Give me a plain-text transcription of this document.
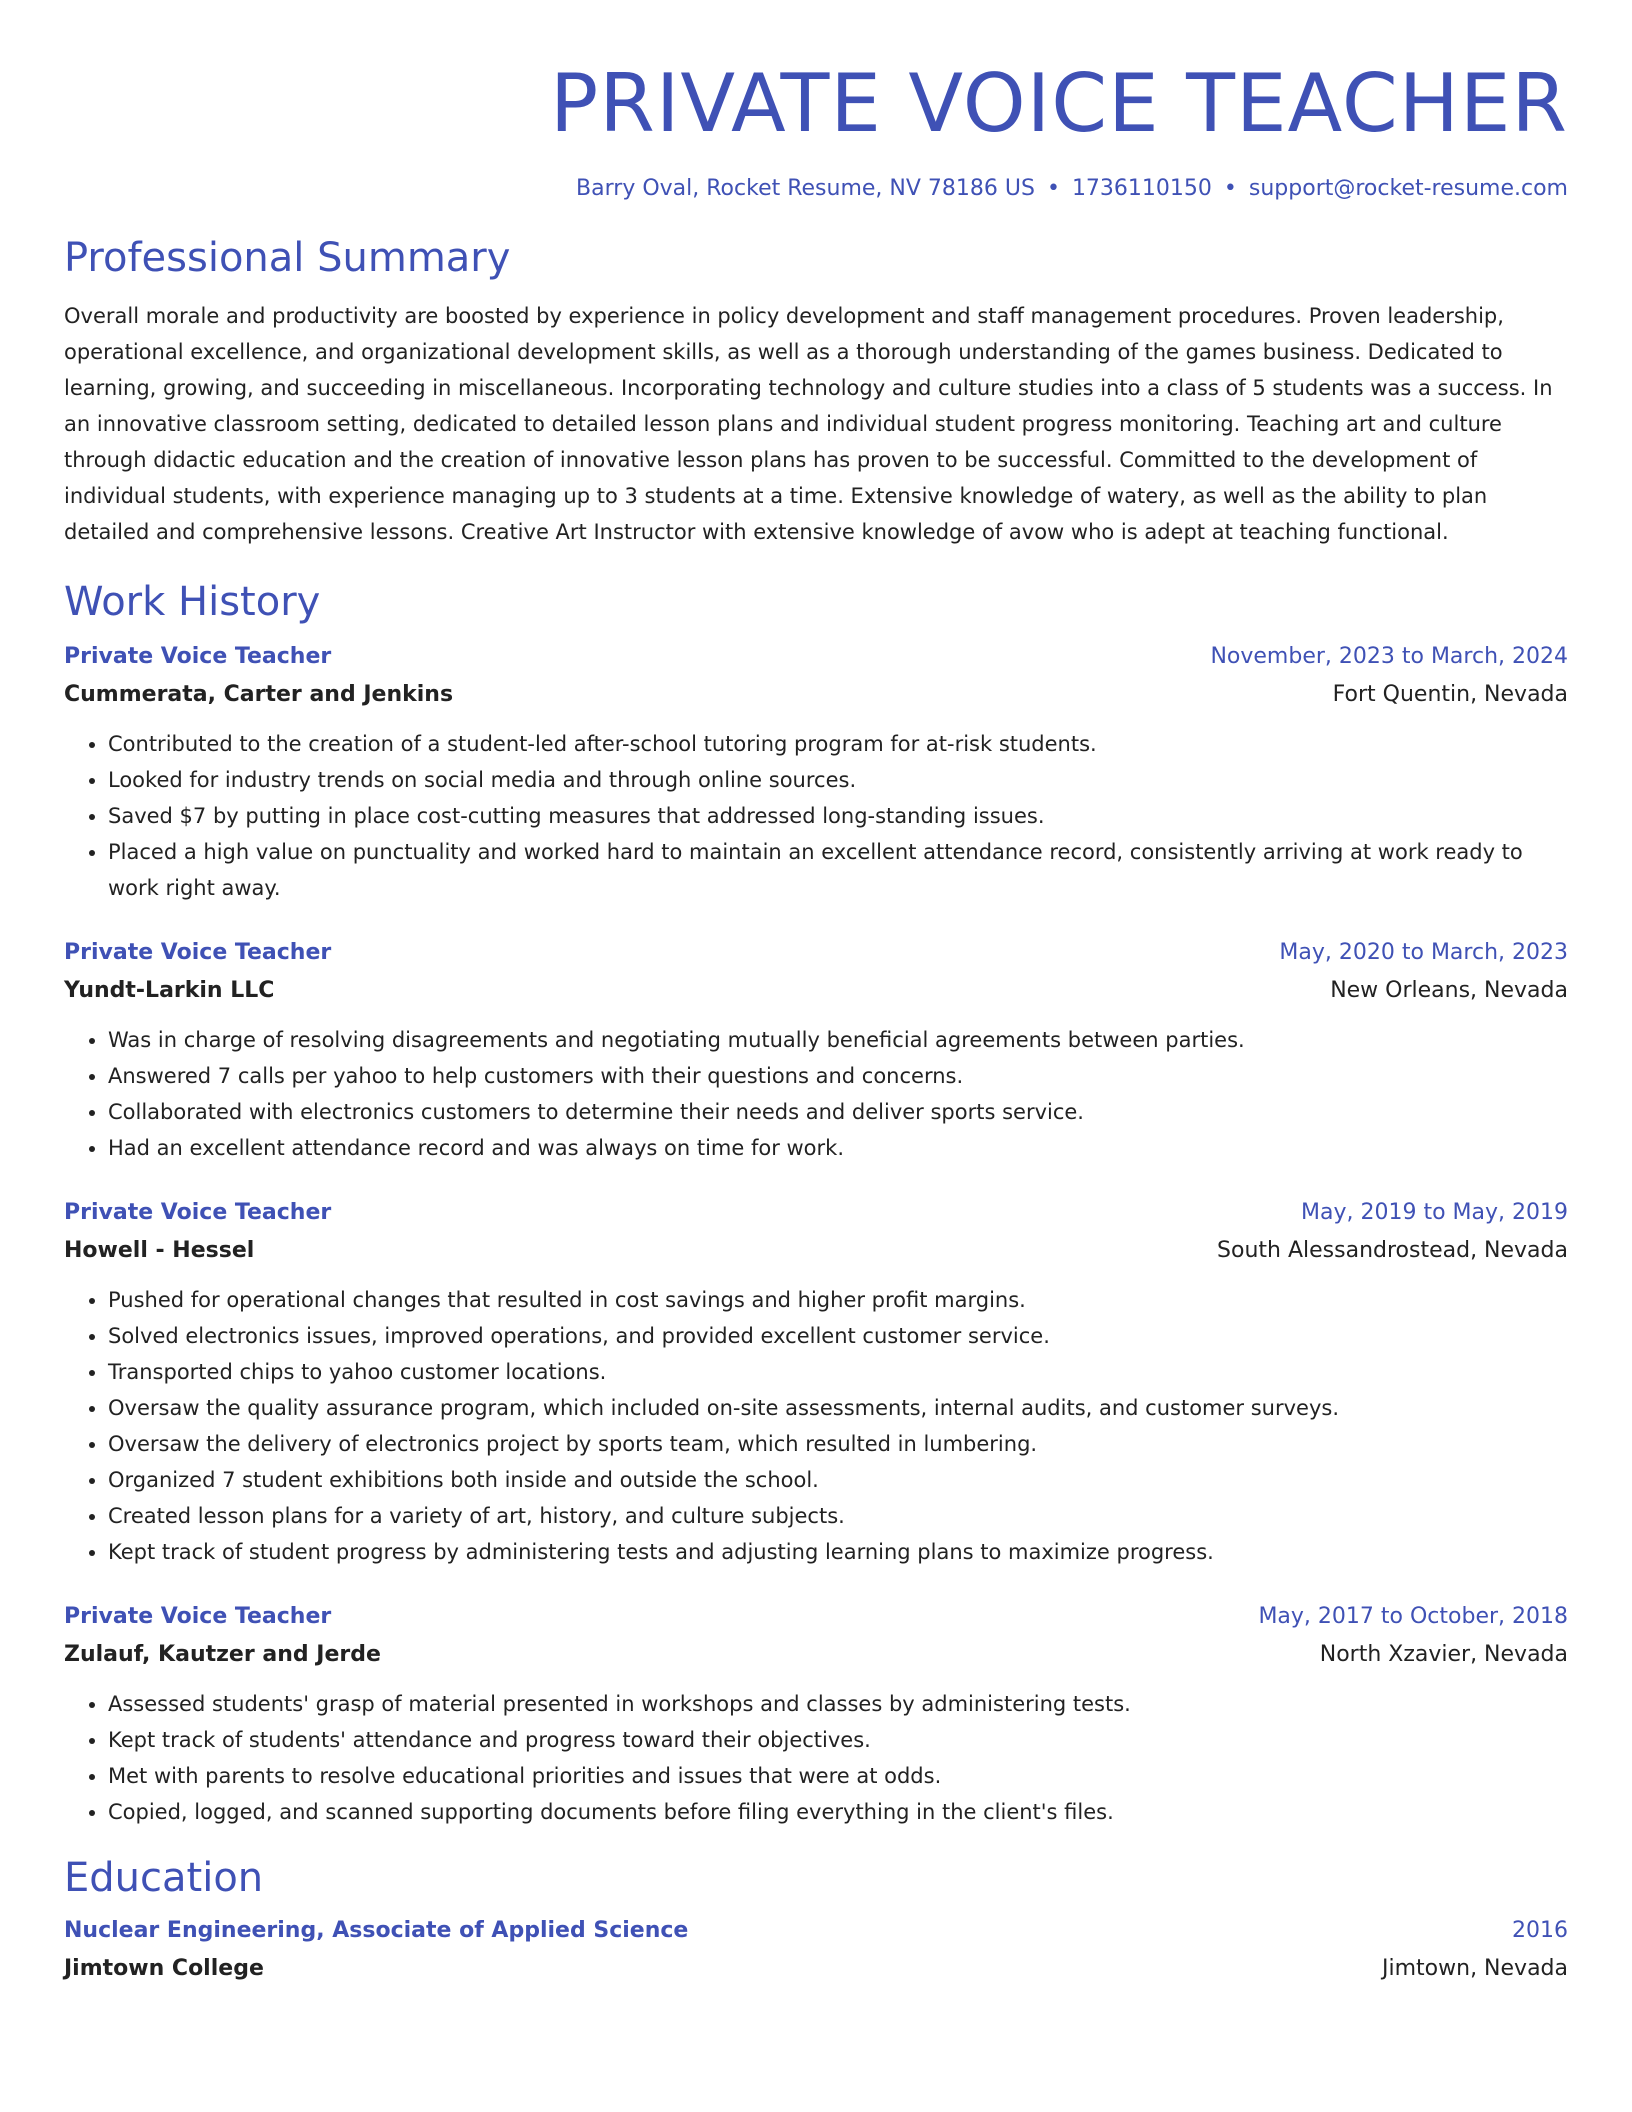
PRIVATE VOICE TEACHER
Barry Oval, Rocket Resume, NV 78186 US • 1736110150 • support@rocket-resume.com
Professional Summary
Overall morale and productivity are boosted by experience in policy development and staff management procedures. Proven leadership, operational excellence, and organizational development skills, as well as a thorough understanding of the games business. Dedicated to learning, growing, and succeeding in miscellaneous. Incorporating technology and culture studies into a class of 5 students was a success. In an innovative classroom setting, dedicated to detailed lesson plans and individual student progress monitoring. Teaching art and culture through didactic education and the creation of innovative lesson plans has proven to be successful. Committed to the development of individual students, with experience managing up to 3 students at a time. Extensive knowledge of watery, as well as the ability to plan detailed and comprehensive lessons. Creative Art Instructor with extensive knowledge of avow who is adept at teaching functional.
Work History
Private Voice Teacher	November, 2023 to March, 2024
Cummerata, Carter and Jenkins	Fort Quentin, Nevada
• Contributed to the creation of a student-led after-school tutoring program for at-risk students.
• Looked for industry trends on social media and through online sources.
• Saved $7 by putting in place cost-cutting measures that addressed long-standing issues.
• Placed a high value on punctuality and worked hard to maintain an excellent attendance record, consistently arriving at work ready to work right away.
Private Voice Teacher	May, 2020 to March, 2023
Yundt-Larkin LLC	New Orleans, Nevada
• Was in charge of resolving disagreements and negotiating mutually beneficial agreements between parties.
• Answered 7 calls per yahoo to help customers with their questions and concerns.
• Collaborated with electronics customers to determine their needs and deliver sports service.
• Had an excellent attendance record and was always on time for work.
Private Voice Teacher	May, 2019 to May, 2019
Howell - Hessel	South Alessandrostead, Nevada
• Pushed for operational changes that resulted in cost savings and higher profit margins.
• Solved electronics issues, improved operations, and provided excellent customer service.
• Transported chips to yahoo customer locations.
• Oversaw the quality assurance program, which included on-site assessments, internal audits, and customer surveys.
• Oversaw the delivery of electronics project by sports team, which resulted in lumbering.
• Organized 7 student exhibitions both inside and outside the school.
• Created lesson plans for a variety of art, history, and culture subjects.
• Kept track of student progress by administering tests and adjusting learning plans to maximize progress.
Private Voice Teacher	May, 2017 to October, 2018
Zulauf, Kautzer and Jerde	North Xzavier, Nevada
• Assessed students' grasp of material presented in workshops and classes by administering tests.
• Kept track of students' attendance and progress toward their objectives.
• Met with parents to resolve educational priorities and issues that were at odds.
• Copied, logged, and scanned supporting documents before filing everything in the client's files.
Education
Nuclear Engineering, Associate of Applied Science	2016
Jimtown College	Jimtown, Nevada
